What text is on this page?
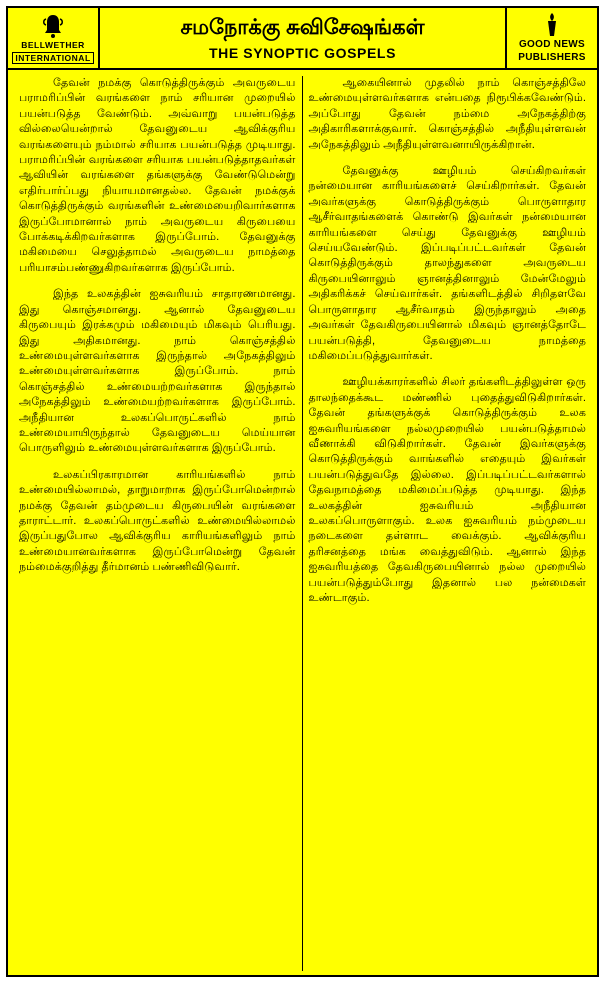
BELLWETHER
INTERNATIONAL
சமநோக்கு சுவிசேஷங்கள்
THE SYNOPTIC GOSPELS
GOOD NEWS
PUBLISHERS

தேவன் நமக்கு கொடுத்திருக்கும் அவருடைய பராமரிப்பின் வரங்களை நாம் சரியான முறையில் பயன்படுத்த வேண்டும். அவ்வாறு பயன்படுத்த வில்லையென்றால் தேவனுடைய ஆவிக்குரிய வரங்களையும் நம்மால் சரியாக பயன்படுத்த முடியாது. பராமரிப்பின் வரங்களை சரியாக பயன்படுத்தாதவர்கள் ஆவியின் வரங்களை தங்களுக்கு வேண்டுமென்று எதிர்பார்ப்பது நியாயமானதல்ல. தேவன் நமக்குக் கொடுத்திருக்கும் வரங்களின் உண்மையைறிவார்களாக இருப்போமானால் நாம் அவருடைய கிருபையை போக்கடிக்கிறவர்களாக இருப்போம். தேவனுக்கு மகிமையை செலுத்தாமல் அவருடைய நாமத்தை பரியாசம்பண்ணுகிறவர்களாக இருப்போம்.

இந்த உலகத்தின் ஐசுவரியம் சாதாரணமானது. இது கொஞ்சமானது. ஆனால் தேவனுடைய கிருபையும் இரக்கமும் மகிமையும் மிகவும் பெரியது. இது அதிகமானது. நாம் கொஞ்சத்தில் உண்மையுள்ளவர்களாக இருந்தால் அநேகத்திலும் உண்மையுள்ளவர்களாக இருப்போம். நாம் கொஞ்சத்தில் உண்மையற்றவர்களாக இருந்தால் அநேகத்திலும் உண்மையற்றவர்களாக இருப்போம். அநீதியான உலகப்பொருட்களில் நாம் உண்மையாயிருந்தால் தேவனுடைய மெய்யான பொருளிலும் உண்மையுள்ளவர்களாக இருப்போம்.

உலகப்பிரகாரமான காரியங்களில் நாம் உண்மையில்லாமல், தாறுமாறாக இருப்போமென்றால் நமக்கு தேவன் தம்முடைய கிருபையின் வரங்களை தாராட்டார். உலகப்பொருட்களில் உண்மையில்லாமல் இருப்பதுபோல ஆவிக்குரிய காரியங்களிலும் நாம் உண்மையானவர்களாக இருப்போமென்று தேவன் நம்மைக்குறித்து தீர்மானம் பண்ணிவிடுவார்.

ஆகையினால் முதலில் நாம் கொஞ்சத்திலே உண்மையுள்ளவர்களாக என்பதை நிரூபிக்கவேண்டும். அப்போது தேவன் நம்மை அநேகத்திற்கு அதிகாரிகளாக்குவார். கொஞ்சத்தில் அநீதியுள்ளவன் அநேகத்திலும் அநீதியுள்ளவனாயிருக்கிறான்.

தேவனுக்கு ஊழியம் செய்கிறவர்கள் நன்மையான காரியங்களைச் செய்கிறார்கள். தேவன் அவர்களுக்கு கொடுத்திருக்கும் பொருளாதார ஆசீர்வாதங்களைக் கொண்டு இவர்கள் நன்மையான காரியங்களை செய்து தேவனுக்கு ஊழியம் செய்யவேண்டும். இப்படிப்பட்டவர்கள் தேவன் கொடுத்திருக்கும் தாலந்துகளை அவருடைய கிருபையினாலும் ஞானத்தினாலும் மேன்மேலும் அதிகரிக்கச் செய்வார்கள். தங்களிடத்தில் சிறிதளவே பொருளாதார ஆசீர்வாதம் இருந்தாலும் அதை அவர்கள் தேவகிருபையினால் மிகவும் ஞானத்தோடே பயன்படுத்தி, தேவனுடைய நாமத்தை மகிமைப்படுத்துவார்கள்.

ஊழியக்காரர்களில் சிலர் தங்களிடத்திலுள்ள ஒரு தாலந்தைக்கூட மண்ணில் புதைத்துவிடுகிறார்கள். தேவன் தங்களுக்குக் கொடுத்திருக்கும் உலக ஐசுவரியங்களை நல்லமுறையில் பயன்படுத்தாமல் வீணாக்கி விடுகிறார்கள். தேவன் இவர்களுக்கு கொடுத்திருக்கும் வாங்களில் எதையும் இவர்கள் பயன்படுத்துவதே இல்லை. இப்படிப்பட்டவர்களால் தேவநாமத்தை மகிமைப்படுத்த முடியாது. இந்த உலகத்தின் ஐசுவரியம் அநீதியான உலகப்பொருளாகும். உலக ஐசுவரியம் நம்முடைய நடைகளை தள்ளாட வைக்கும். ஆவிக்குரிய தரிசனத்தை மங்க வைத்துவிடும். ஆனால் இந்த ஐசுவரியத்தை தேவகிருபையினால் நல்ல முறையில் பயன்படுத்தும்போது இதனால் பல நன்மைகள் உண்டாகும்.
